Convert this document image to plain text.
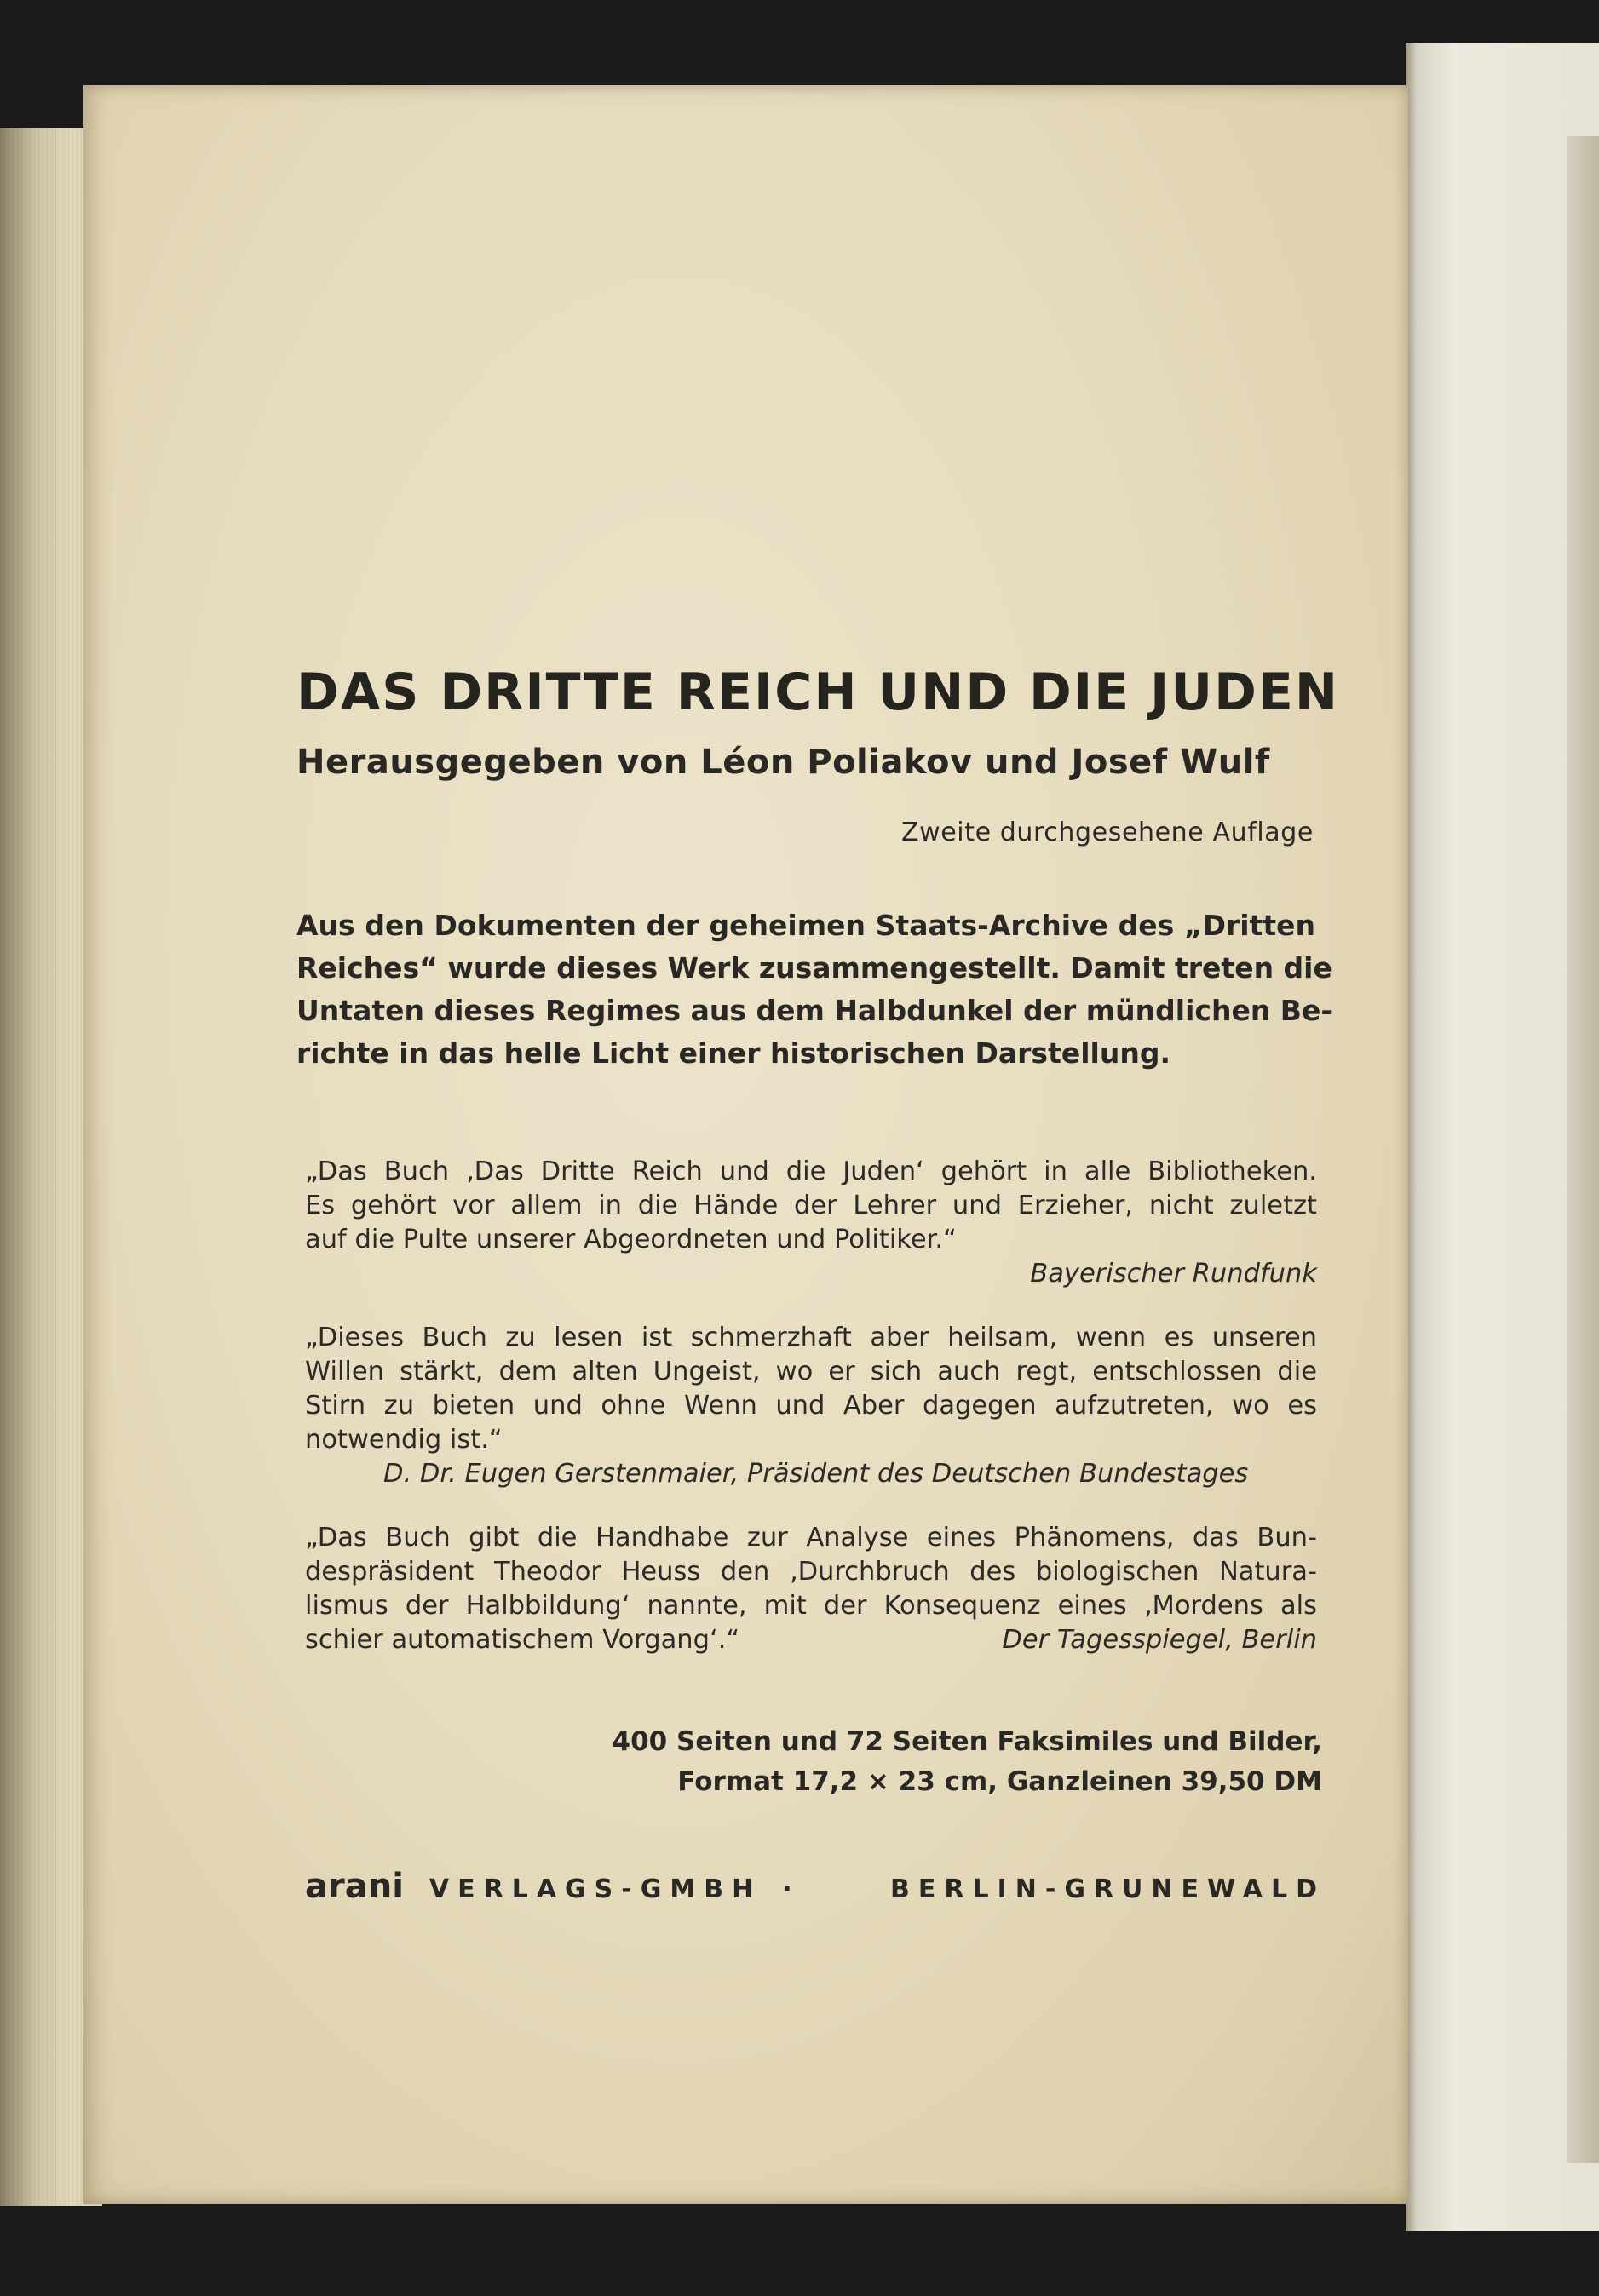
DAS DRITTE REICH UND DIE JUDEN
Herausgegeben von Léon Poliakov und Josef Wulf
Zweite durchgesehene Auflage
Aus den Dokumenten der geheimen Staats-Archive des „Dritten
Reiches“ wurde dieses Werk zusammengestellt. Damit treten die
Untaten dieses Regimes aus dem Halbdunkel der mündlichen Be-
richte in das helle Licht einer historischen Darstellung.
„Das Buch ‚Das Dritte Reich und die Juden‘ gehört in alle Bibliotheken.
Es gehört vor allem in die Hände der Lehrer und Erzieher, nicht zuletzt
auf die Pulte unserer Abgeordneten und Politiker.“
Bayerischer Rundfunk
„Dieses Buch zu lesen ist schmerzhaft aber heilsam, wenn es unseren
Willen stärkt, dem alten Ungeist, wo er sich auch regt, entschlossen die
Stirn zu bieten und ohne Wenn und Aber dagegen aufzutreten, wo es
notwendig ist.“
D. Dr. Eugen Gerstenmaier, Präsident des Deutschen Bundestages
„Das Buch gibt die Handhabe zur Analyse eines Phänomens, das Bun-
despräsident Theodor Heuss den ‚Durchbruch des biologischen Natura-
lismus der Halbbildung‘ nannte, mit der Konsequenz eines ‚Mordens als
schier automatischem Vorgang‘.“	Der Tagesspiegel, Berlin
400 Seiten und 72 Seiten Faksimiles und Bilder,
Format 17,2 × 23 cm, Ganzleinen 39,50 DM
arani VERLAGS-GMBH ·	BERLIN-GRUNEWALD
